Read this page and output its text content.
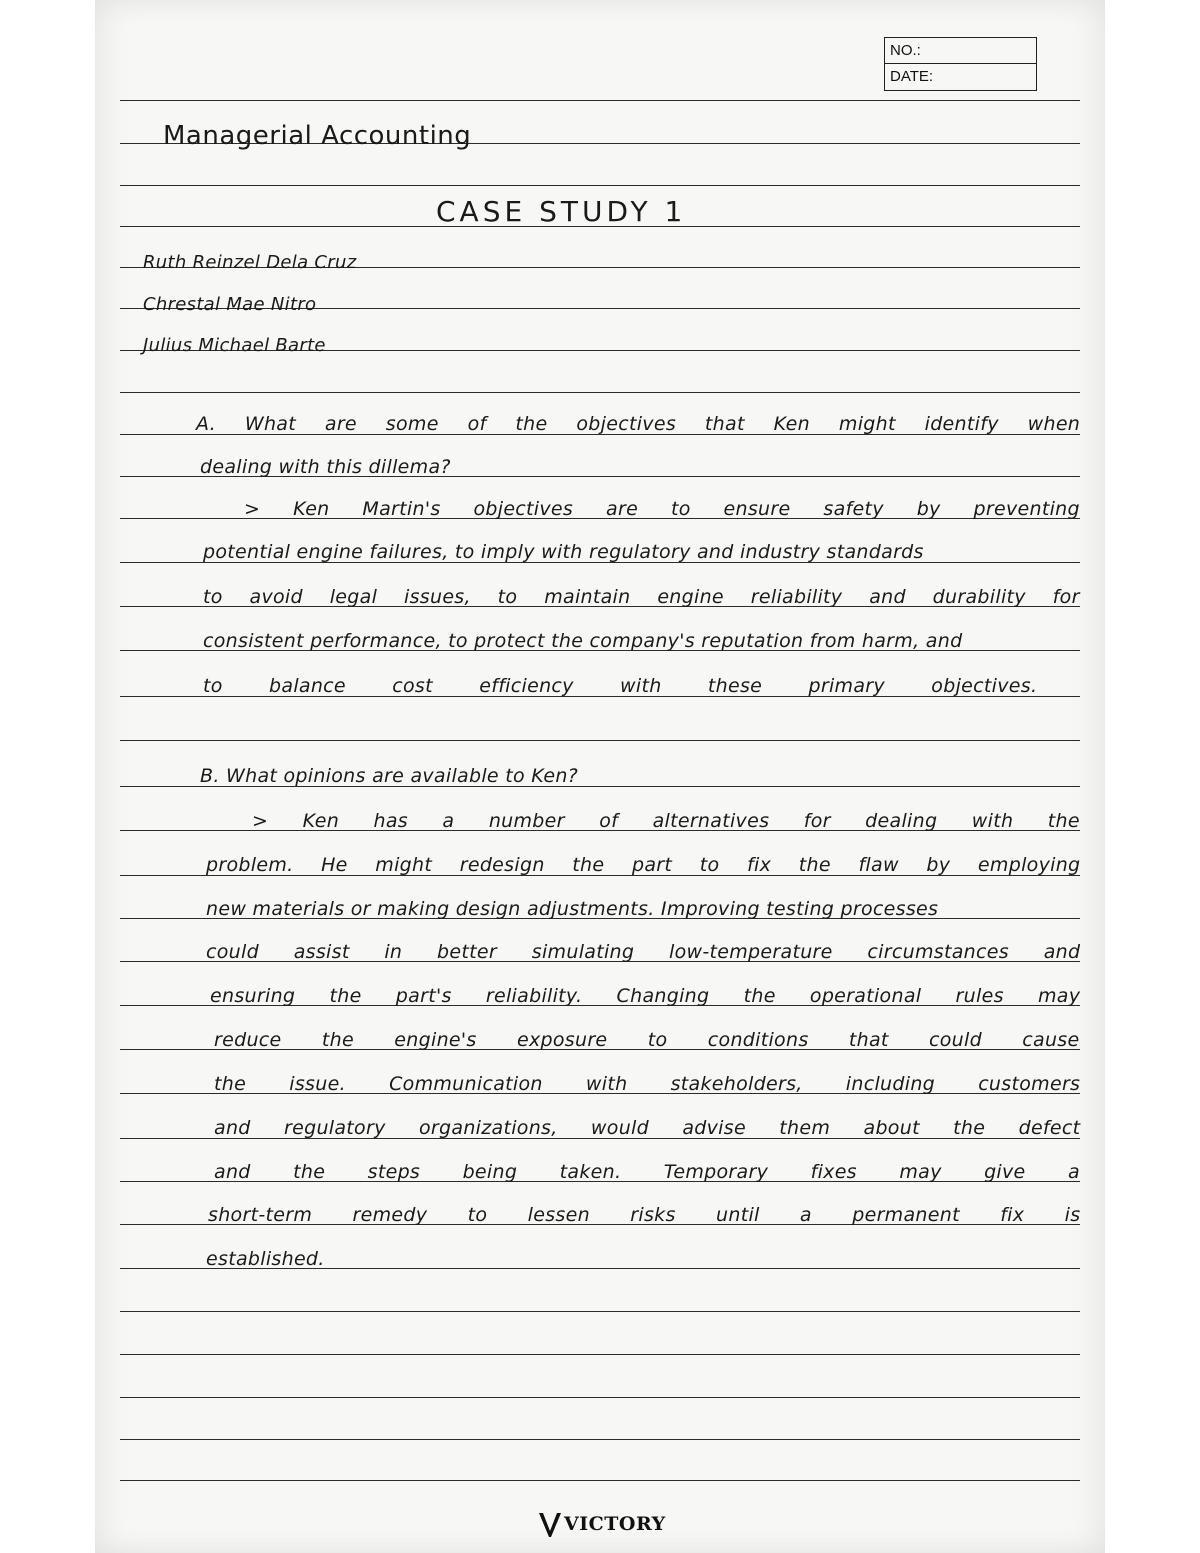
NO.:
DATE:
Managerial Accounting
CASE STUDY 1

Ruth Reinzel Dela Cruz

Chrestal Mae Nitro

Julius Michael Barte

A. What are some of the objectives that Ken might identify when

dealing with this dillema?

> Ken Martin's objectives are to ensure safety by preventing

potential engine failures, to imply with regulatory and industry standards

to avoid legal issues, to maintain engine reliability and durability for

consistent performance, to protect the company's reputation from harm, and

to balance cost efficiency with these primary objectives.

B. What opinions are available to Ken?

> Ken has a number of alternatives for dealing with the

problem. He might redesign the part to fix the flaw by employing

new materials or making design adjustments. Improving testing processes

could assist in better simulating low-temperature circumstances and

ensuring the part's reliability. Changing the operational rules may

reduce the engine's exposure to conditions that could cause

the issue. Communication with stakeholders, including customers

and regulatory organizations, would advise them about the defect

and the steps being taken. Temporary fixes may give a

short-term remedy to lessen risks until a permanent fix is

established.

VICTORY
